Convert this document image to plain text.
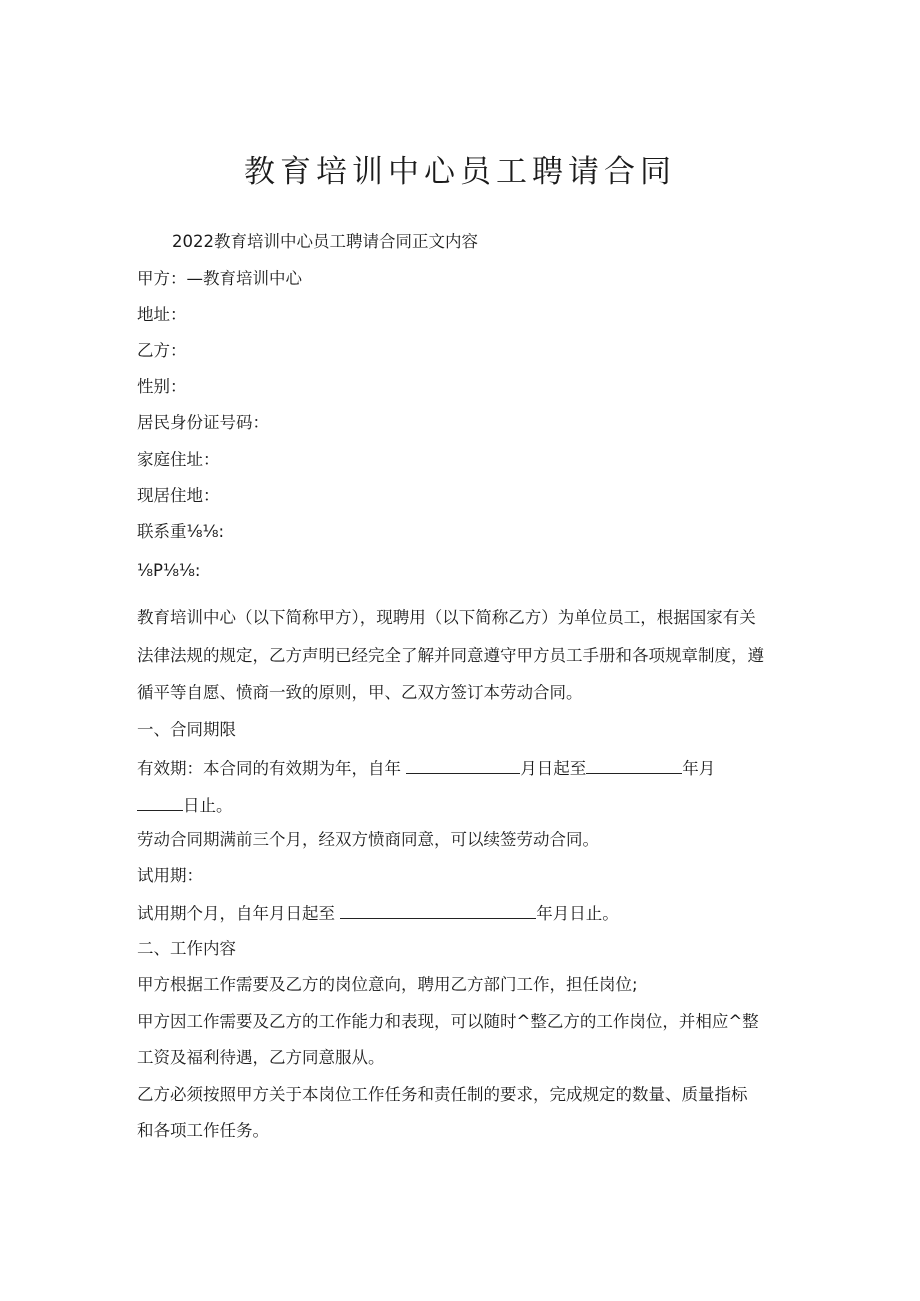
教育培训中心员工聘请合同
2022教育培训中心员工聘请合同正文内容
甲方：—教育培训中心
地址：
乙方：
性别：
居民身份证号码：
家庭住址：
现居住地：
联系重⅛⅛:
⅛P⅛⅛:
教育培训中心（以下简称甲方），现聘用（以下简称乙方）为单位员工，根据国家有关
法律法规的规定，乙方声明已经完全了解并同意遵守甲方员工手册和各项规章制度，遵
循平等自愿、愤商一致的原则，甲、乙双方签订本劳动合同。
一、合同期限
有效期：本合同的有效期为年，自年	月日起至	年月
日止。
劳动合同期满前三个月，经双方愤商同意，可以续签劳动合同。
试用期：
试用期个月，自年月日起至	年月日止。
二、工作内容
甲方根据工作需要及乙方的岗位意向，聘用乙方部门工作，担任岗位;
甲方因工作需要及乙方的工作能力和表现，可以随时^整乙方的工作岗位，并相应^整
工资及福利待遇，乙方同意服从。
乙方必须按照甲方关于本岗位工作任务和责任制的要求，完成规定的数量、质量指标
和各项工作任务。
